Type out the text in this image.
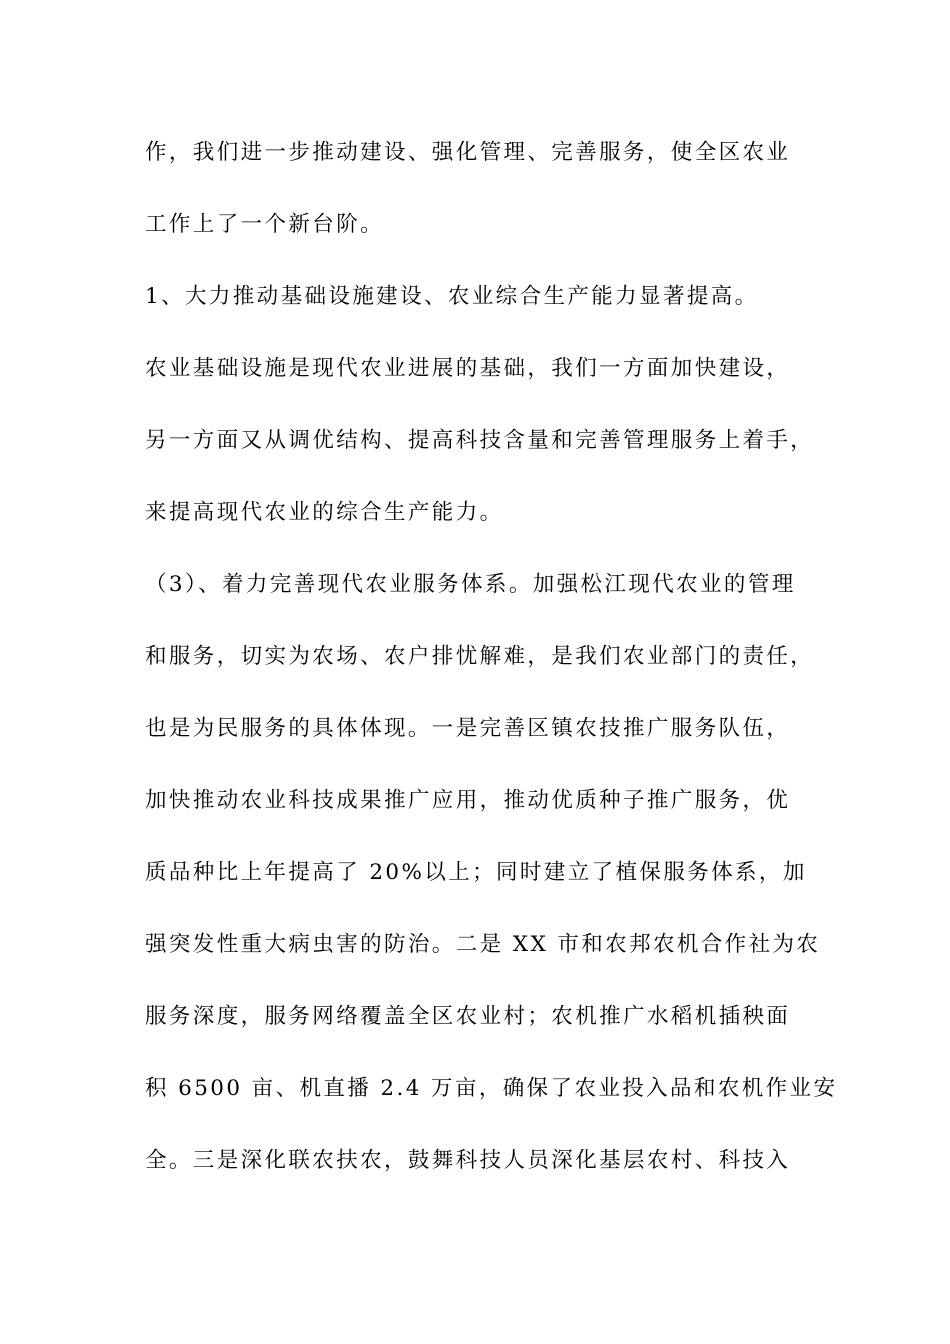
作，我们进一步推动建设、强化管理、完善服务，使全区农业
工作上了一个新台阶。
1、大力推动基础设施建设、农业综合生产能力显著提高。
农业基础设施是现代农业进展的基础，我们一方面加快建设，
另一方面又从调优结构、提高科技含量和完善管理服务上着手，
来提高现代农业的综合生产能力。
（3）、着力完善现代农业服务体系。加强松江现代农业的管理
和服务，切实为农场、农户排忧解难，是我们农业部门的责任，
也是为民服务的具体体现。一是完善区镇农技推广服务队伍，
加快推动农业科技成果推广应用，推动优质种子推广服务，优
质品种比上年提高了 20%以上；同时建立了植保服务体系，加
强突发性重大病虫害的防治。二是 XX 市和农邦农机合作社为农
服务深度，服务网络覆盖全区农业村；农机推广水稻机插秧面
积 6500 亩、机直播 2.4 万亩，确保了农业投入品和农机作业安
全。三是深化联农扶农，鼓舞科技人员深化基层农村、科技入
